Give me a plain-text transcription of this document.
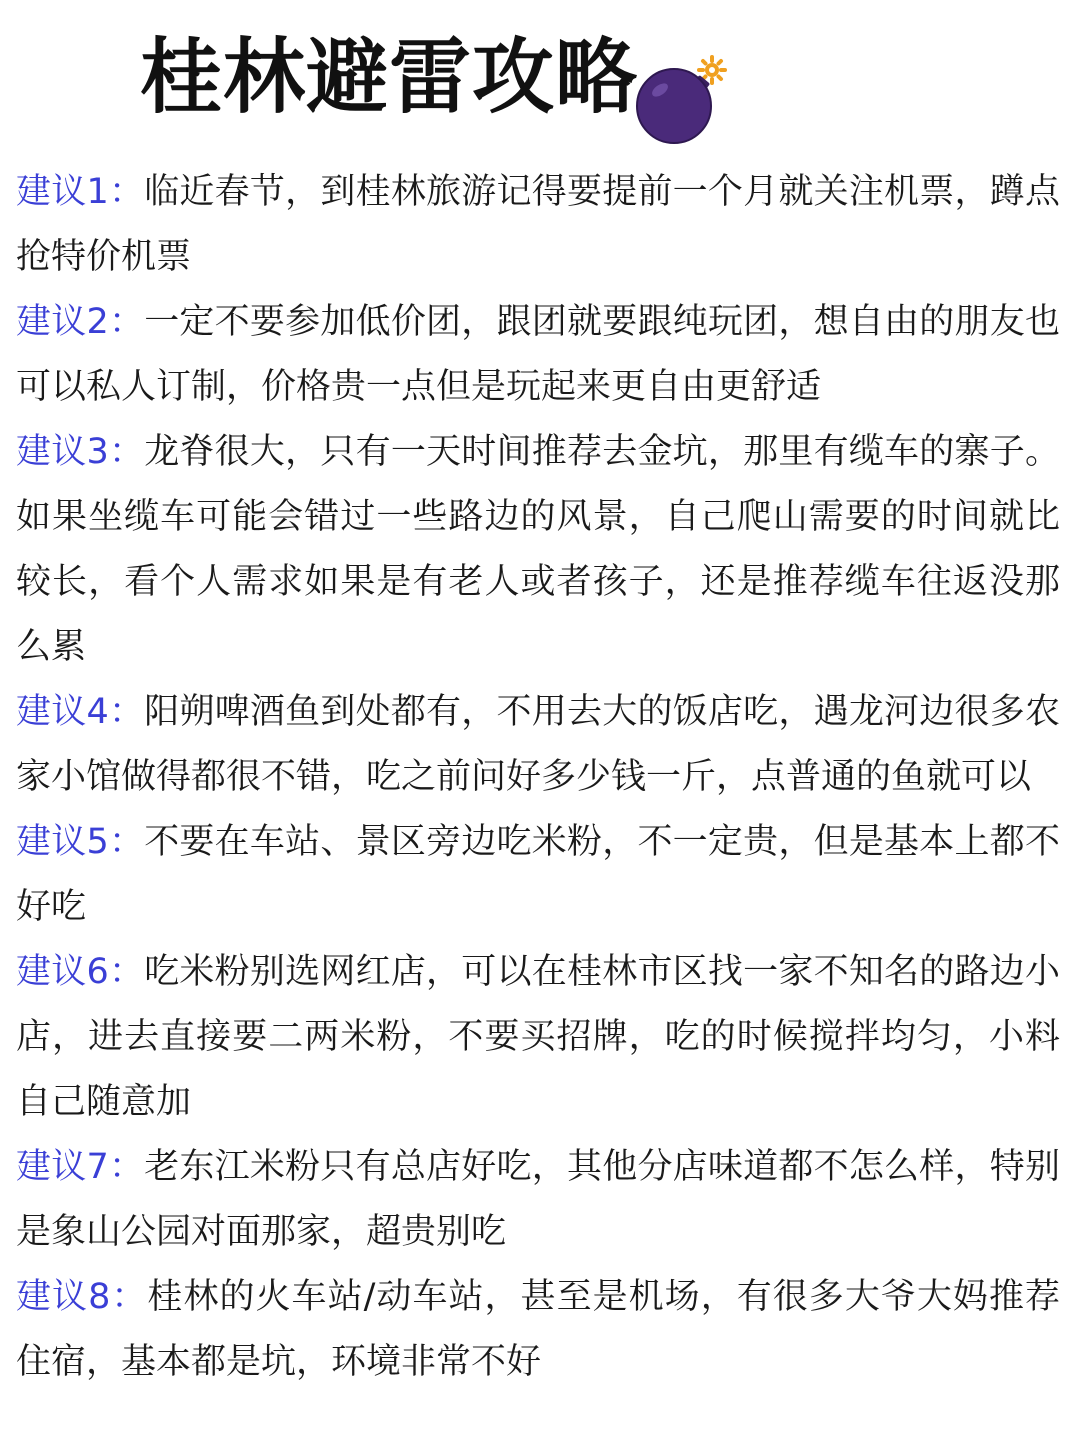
桂林避雷攻略

建议1：临近春节，到桂林旅游记得要提前一个月就关注机票，蹲点抢特价机票

建议2：一定不要参加低价团，跟团就要跟纯玩团，想自由的朋友也可以私人订制，价格贵一点但是玩起来更自由更舒适

建议3：龙脊很大，只有一天时间推荐去金坑，那里有缆车的寨子。如果坐缆车可能会错过一些路边的风景，自己爬山需要的时间就比较长，看个人需求如果是有老人或者孩子，还是推荐缆车往返没那么累

建议4：阳朔啤酒鱼到处都有，不用去大的饭店吃，遇龙河边很多农家小馆做得都很不错，吃之前问好多少钱一斤，点普通的鱼就可以

建议5：不要在车站、景区旁边吃米粉，不一定贵，但是基本上都不好吃

建议6：吃米粉别选网红店，可以在桂林市区找一家不知名的路边小店，进去直接要二两米粉，不要买招牌，吃的时候搅拌均匀，小料自己随意加

建议7：老东江米粉只有总店好吃，其他分店味道都不怎么样，特别是象山公园对面那家，超贵别吃

建议8：桂林的火车站/动车站，甚至是机场，有很多大爷大妈推荐住宿，基本都是坑，环境非常不好
